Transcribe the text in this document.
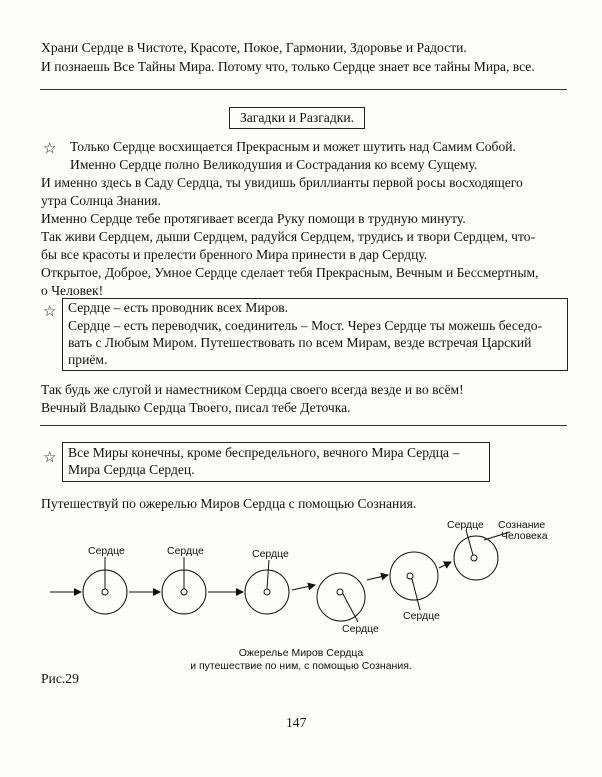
Храни Сердце в Чистоте, Красоте, Покое, Гармонии, Здоровье и Радости.
И познаешь Все Тайны Мира. Потому что, только Сердце знает все тайны Мира, все.
Загадки и Разгадки.
☆ Только Сердце восхищается Прекрасным и может шутить над Самим Собой.
Именно Сердце полно Великодушия и Сострадания ко всему Сущему.
И именно здесь в Саду Сердца, ты увидишь бриллианты первой росы восходящего
утра Солнца Знания.
Именно Сердце тебе протягивает всегда Руку помощи в трудную минуту.
Так живи Сердцем, дыши Сердцем, радуйся Сердцем, трудись и твори Сердцем, что-
бы все красоты и прелести бренного Мира принести в дар Сердцу.
Открытое, Доброе, Умное Сердце сделает тебя Прекрасным, Вечным и Бессмертным,
о Человек!
☆ Сердце – есть проводник всех Миров.
Сердце – есть переводчик, соединитель – Мост. Через Сердце ты можешь беседо-
вать с Любым Миром. Путешествовать по всем Мирам, везде встречая Царский
приём.
Так будь же слугой и наместником Сердца своего всегда везде и во всём!
Вечный Владыко Сердца Твоего, писал тебе Деточка.
☆ Все Миры конечны, кроме беспредельного, вечного Мира Сердца –
Мира Сердца Сердец.
Путешествуй по ожерелью Миров Сердца с помощью Сознания.
Сердце	Сердце	Сердце
Сердце
Сердце
Сердце Сознание
Человека
Ожерелье Миров Сердца
и путешествие по ним, с помощью Сознания.
Рис.29
147
